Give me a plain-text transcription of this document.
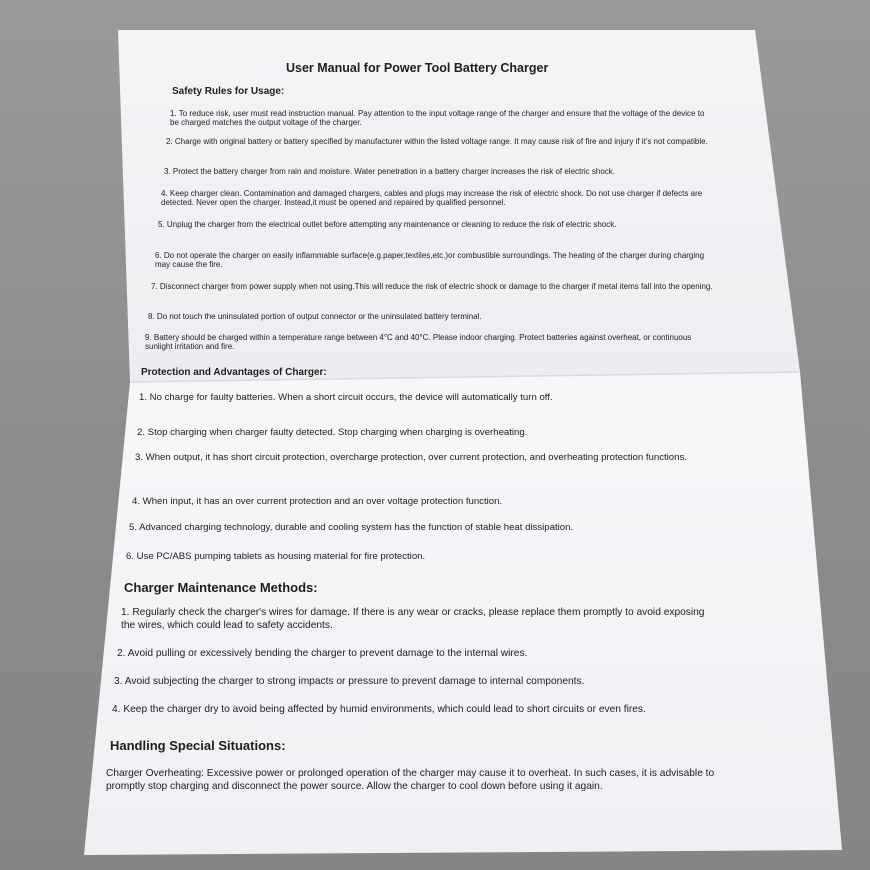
User Manual for Power Tool Battery Charger
Safety Rules for Usage:
1. To reduce risk, user must read instruction manual. Pay attention to the input voltage range of the charger and ensure that the voltage of the device to be charged matches the output voltage of the charger.
2. Charge with original battery or battery specified by manufacturer within the listed voltage range. It may cause risk of fire and injury if it's not compatible.
3. Protect the battery charger from rain and moisture. Water penetration in a battery charger increases the risk of electric shock.
4. Keep charger clean. Contamination and damaged chargers, cables and plugs may increase the risk of electric shock. Do not use charger if defects are detected. Never open the charger. Instead,it must be opened and repaired by qualified personnel.
5. Unplug the charger from the electrical outlet before attempting any maintenance or cleaning to reduce the risk of electric shock.
6. Do not operate the charger on easily inflammable surface(e.g.paper,textiles,etc.)or combustible surroundings. The heating of the charger during charging may cause the fire.
7. Disconnect charger from power supply when not using.This will reduce the risk of electric shock or damage to the charger if metal items fall into the opening.
8. Do not touch the uninsulated portion of output connector or the uninsulated battery terminal.
9. Battery should be charged within a temperature range between 4°C and 40°C. Please indoor charging. Protect batteries against overheat, or continuous sunlight irritation and fire.
Protection and Advantages of Charger:
1. No charge for faulty batteries. When a short circuit occurs, the device will automatically turn off.
2. Stop charging when charger faulty detected. Stop charging when charging is overheating.
3. When output, it has short circuit protection, overcharge protection, over current protection, and overheating protection functions.
4. When input, it has an over current protection and an over voltage protection function.
5. Advanced charging technology, durable and cooling system has the function of stable heat dissipation.
6. Use PC/ABS pumping tablets as housing material for fire protection.
Charger Maintenance Methods:
1. Regularly check the charger's wires for damage. If there is any wear or cracks, please replace them promptly to avoid exposing the wires, which could lead to safety accidents.
2. Avoid pulling or excessively bending the charger to prevent damage to the internal wires.
3. Avoid subjecting the charger to strong impacts or pressure to prevent damage to internal components.
4. Keep the charger dry to avoid being affected by humid environments, which could lead to short circuits or even fires.
Handling Special Situations:
Charger Overheating: Excessive power or prolonged operation of the charger may cause it to overheat. In such cases, it is advisable to promptly stop charging and disconnect the power source. Allow the charger to cool down before using it again.
